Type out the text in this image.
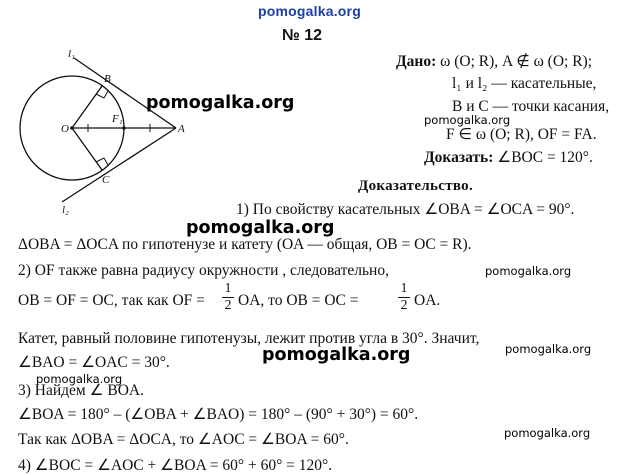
pomogalka.org
№ 12
l₁
l₂
B
C
O
F₁
A
pomogalka.org
Дано: ω (O; R), A ∉ ω (O; R);
l₁ и l₂ — касательные,
B и C — точки касания,
pomogalka.org
F ∈ ω (O; R), OF = FA.
Доказать: ∠BOC = 120°.
Доказательство.
1) По свойству касательных ∠OBA = ∠OCA = 90°.
pomogalka.org
ΔOBA = ΔOCA по гипотенузе и катету (OA — общая, OB = OC = R).
2) OF также равна радиусу окружности , следовательно,	pomogalka.org
OB = OF = OC, так как OF =
1
2 OA, то OB = OC =
1
2 OA.
Катет, равный половине гипотенузы, лежит против угла в 30°. Значит,
pomogalka.org
∠BAO = ∠OAC = 30°.	pomogalka.org
pomogalka.org
3) Найдем ∠ BOA.
∠BOA = 180° – (∠OBA + ∠BAO) = 180° – (90° + 30°) = 60°.
pomogalka.org
Так как ΔOBA = ΔOCA, то ∠AOC = ∠BOA = 60°.
4) ∠BOC = ∠AOC + ∠BOA = 60° + 60° = 120°.
